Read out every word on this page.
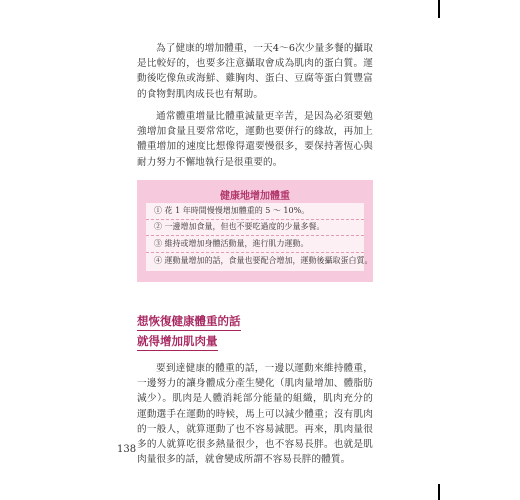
為了健康的增加體重，一天4～6次少量多餐的攝取是比較好的，也要多注意攝取會成為肌肉的蛋白質。運動後吃像魚或海鮮、雞胸肉、蛋白、豆腐等蛋白質豐富的食物對肌肉成長也有幫助。

通常體重增量比體重減量更辛苦，是因為必須要勉強增加食量且要常常吃，運動也要併行的緣故，再加上體重增加的速度比想像得還要慢很多，要保持著恆心與耐力努力不懈地執行是很重要的。

健康地增加體重
① 花 1 年時間慢慢增加體重的 5 ～ 10%。
② 一邊增加食量，但也不要吃過度的少量多餐。
③ 維持或增加身體活動量，進行肌力運動。
④ 運動量增加的話，食量也要配合增加，運動後攝取蛋白質。
想恢復健康體重的話
就得增加肌肉量

要到達健康的體重的話，一邊以運動來維持體重，一邊努力的讓身體成分產生變化（肌肉量增加、體脂肪減少）。肌肉是人體消耗部分能量的組織，肌肉充分的運動選手在運動的時候，馬上可以減少體重；沒有肌肉的一般人，就算運動了也不容易減肥。再來，肌肉量很多的人就算吃很多熱量很少，也不容易長胖。也就是肌肉量很多的話，就會變成所謂不容易長胖的體質。

138
